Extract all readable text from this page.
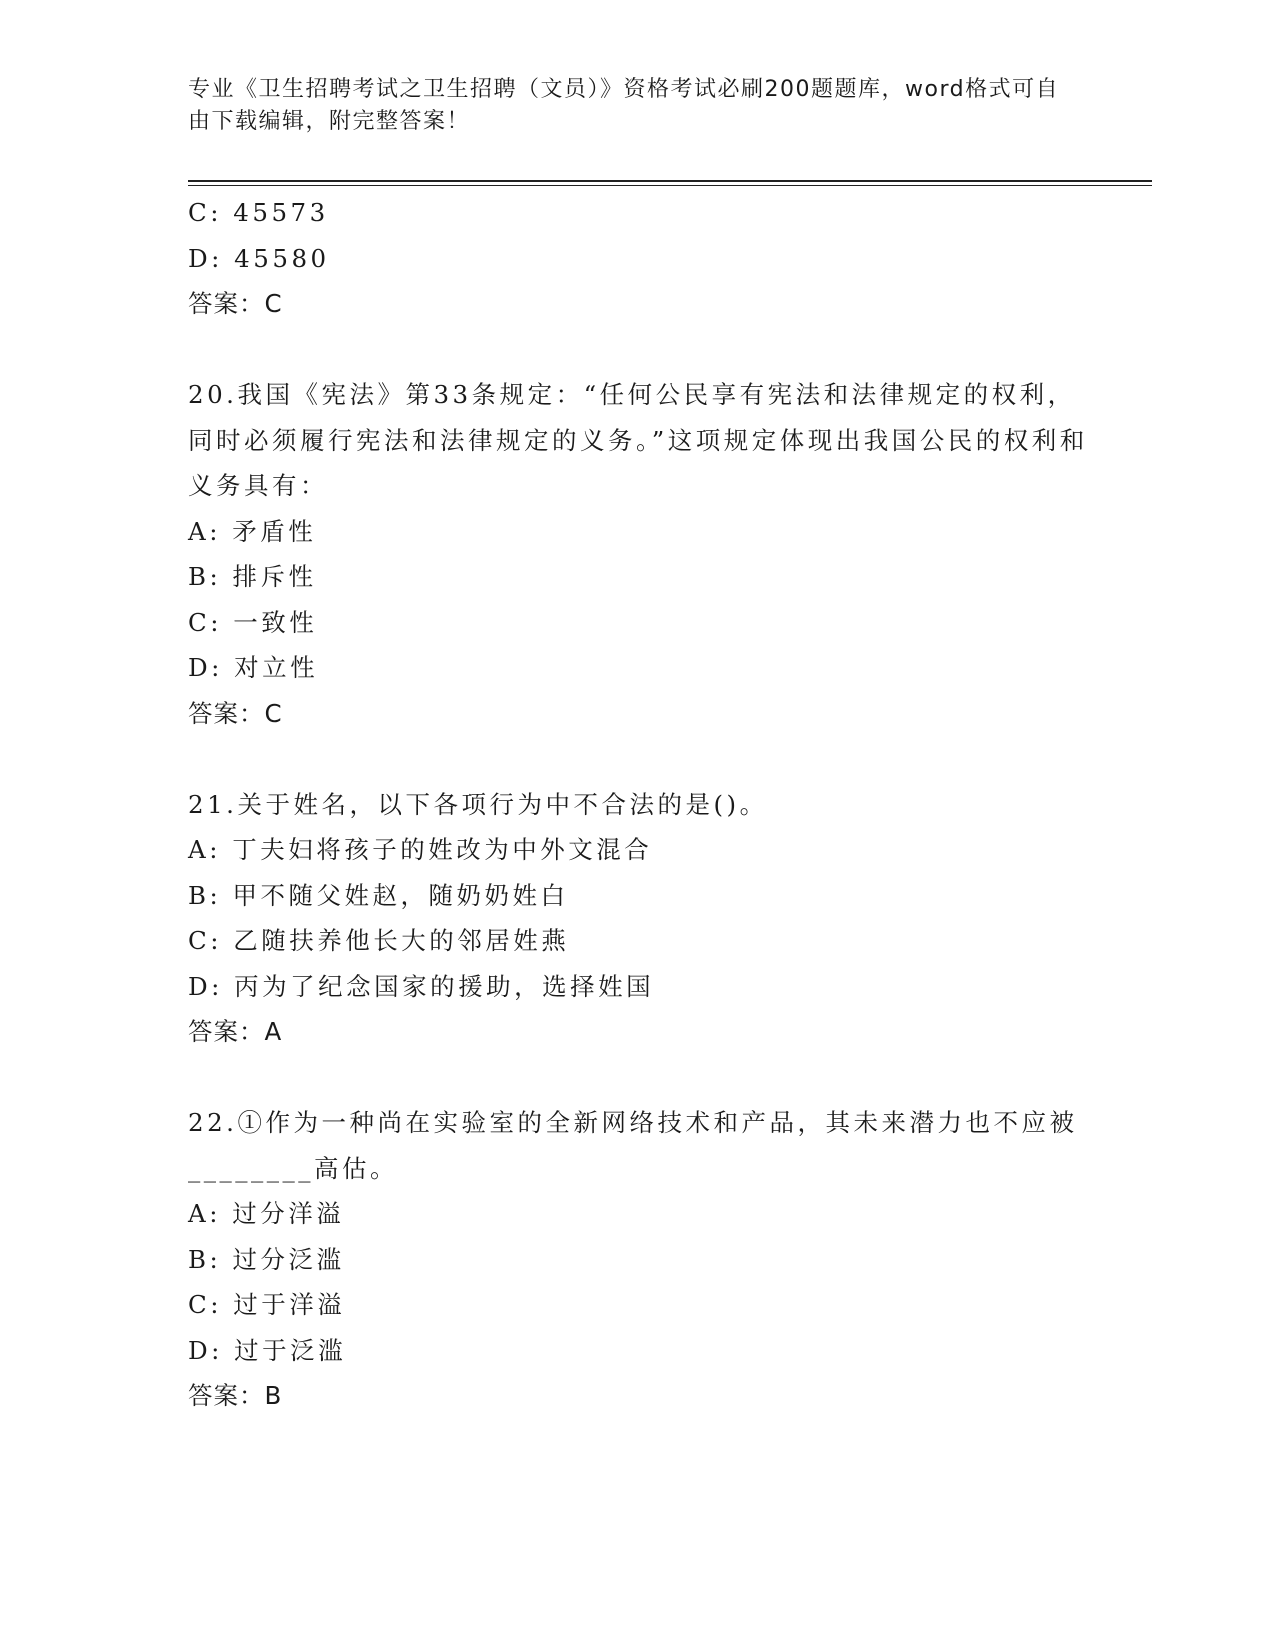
专业《卫生招聘考试之卫生招聘（文员）》资格考试必刷200题题库，word格式可自由下载编辑，附完整答案！

C: 45573

D: 45580

答案：C

20.我国《宪法》第33条规定：“任何公民享有宪法和法律规定的权利，同时必须履行宪法和法律规定的义务。”这项规定体现出我国公民的权利和义务具有：

A: 矛盾性

B: 排斥性

C: 一致性

D: 对立性

答案：C

21.关于姓名，以下各项行为中不合法的是()。

A: 丁夫妇将孩子的姓改为中外文混合

B: 甲不随父姓赵，随奶奶姓白

C: 乙随扶养他长大的邻居姓燕

D: 丙为了纪念国家的援助，选择姓国

答案：A

22.①作为一种尚在实验室的全新网络技术和产品，其未来潜力也不应被________高估。

A: 过分洋溢

B: 过分泛滥

C: 过于洋溢

D: 过于泛滥

答案：B
